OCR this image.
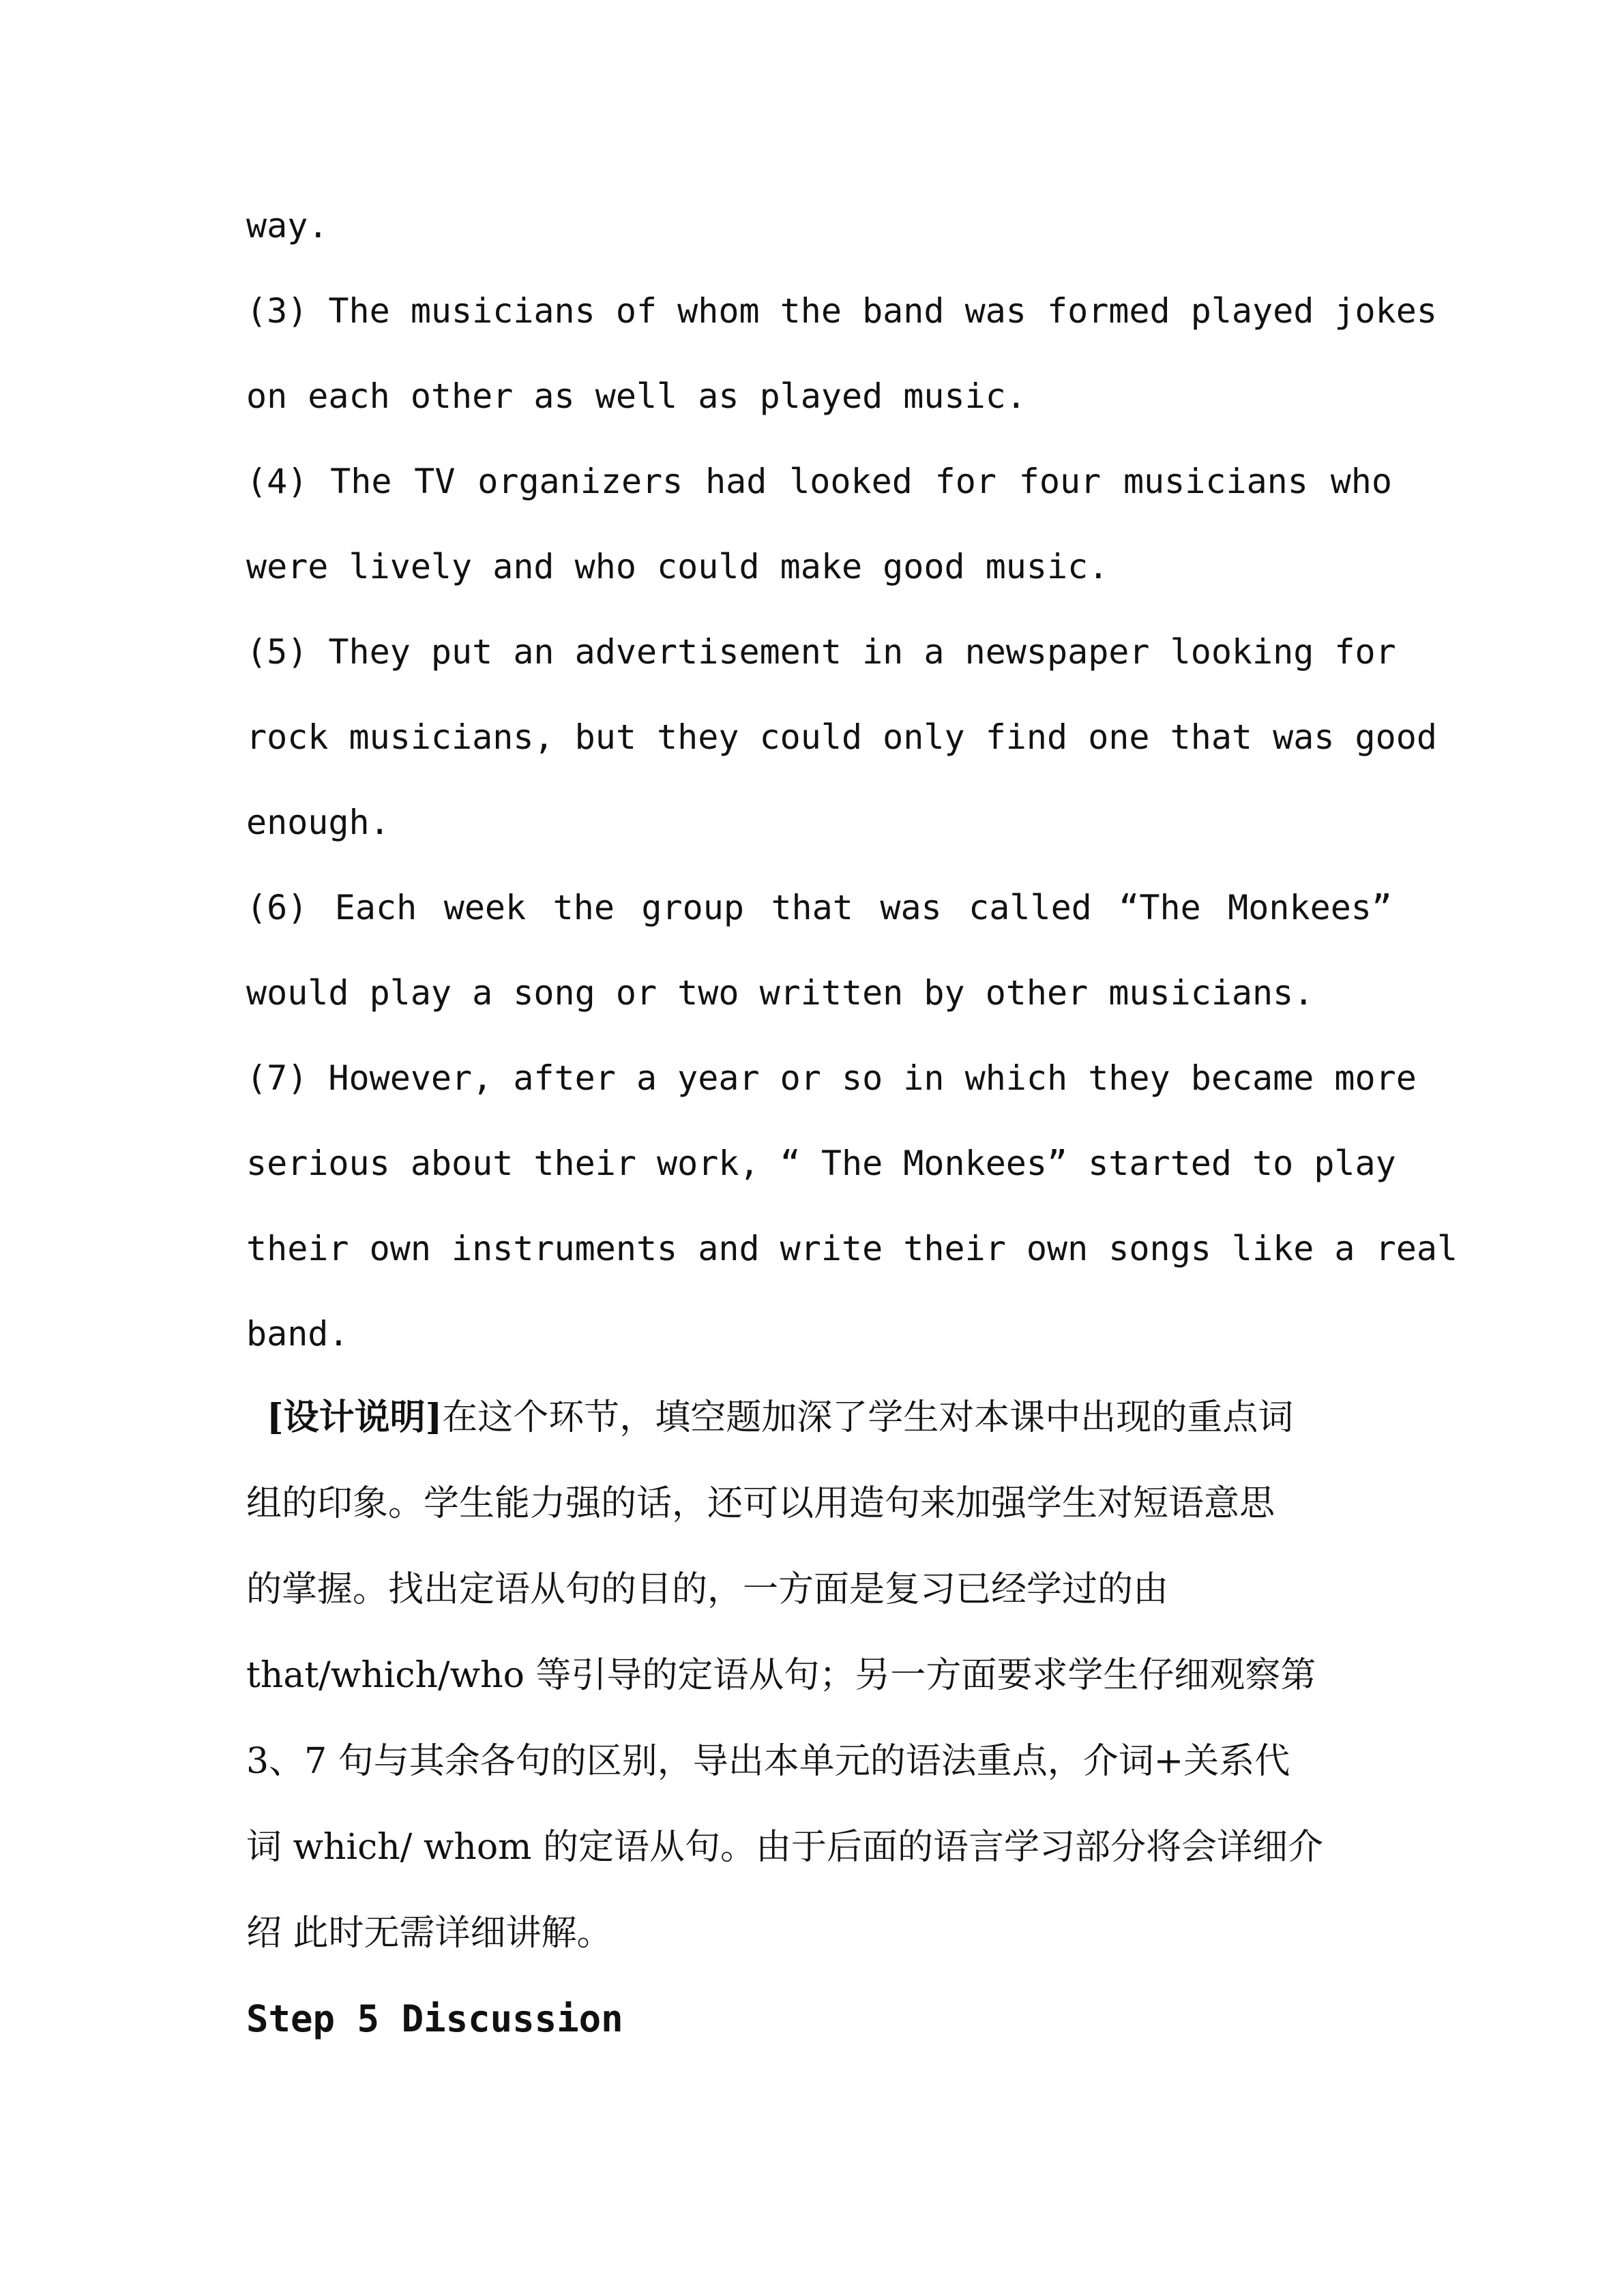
way.
(3) The musicians of whom the band was formed played jokes
on each other as well as played music.
(4) The TV organizers had looked for four musicians who
were lively and who could make good music.
(5) They put an advertisement in a newspaper looking for
rock musicians, but they could only find one that was good
enough.
(6) Each week the group that was called “The Monkees”
would play a song or two written by other musicians.
(7) However, after a year or so in which they became more
serious about their work, “ The Monkees” started to play
their own instruments and write their own songs like a real
band.
[设计说明]在这个环节，填空题加深了学生对本课中出现的重点词
组的印象。学生能力强的话，还可以用造句来加强学生对短语意思
的掌握。找出定语从句的目的，一方面是复习已经学过的由
that/which/who 等引导的定语从句；另一方面要求学生仔细观察第
3、7 句与其余各句的区别，导出本单元的语法重点，介词+关系代
词 which/ whom 的定语从句。由于后面的语言学习部分将会详细介
绍 此时无需详细讲解。
Step 5 Discussion
